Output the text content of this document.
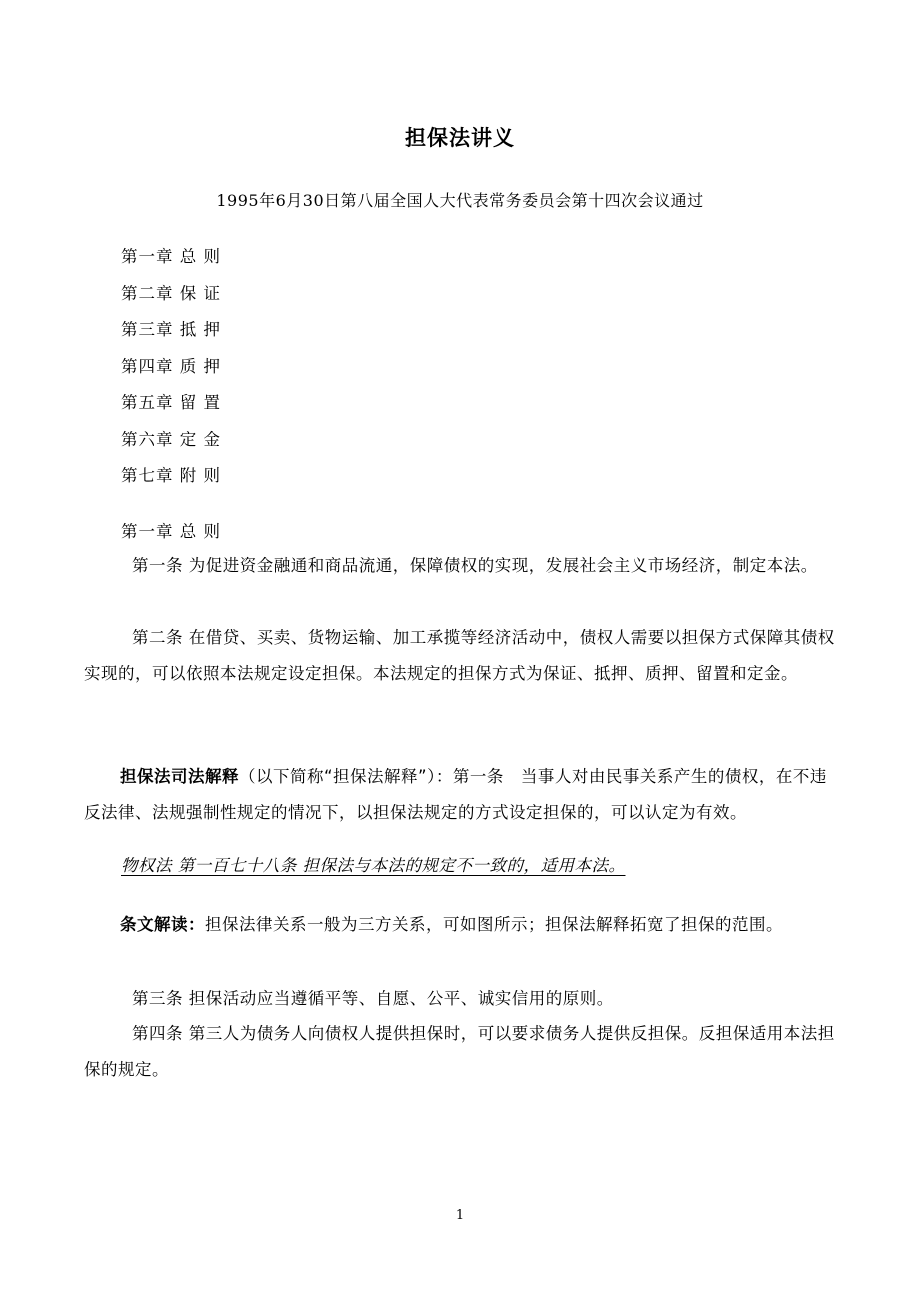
担保法讲义
1995年6月30日第八届全国人大代表常务委员会第十四次会议通过
第一章 总 则
第二章 保 证
第三章 抵 押
第四章 质 押
第五章 留 置
第六章 定 金
第七章 附 则
第一章 总 则
第一条 为促进资金融通和商品流通，保障债权的实现，发展社会主义市场经济，制定本法。
第二条 在借贷、买卖、货物运输、加工承揽等经济活动中，债权人需要以担保方式保障其债权实现的，可以依照本法规定设定担保。本法规定的担保方式为保证、抵押、质押、留置和定金。
担保法司法解释（以下简称“担保法解释”）：第一条　当事人对由民事关系产生的债权，在不违反法律、法规强制性规定的情况下，以担保法规定的方式设定担保的，可以认定为有效。
物权法 第一百七十八条 担保法与本法的规定不一致的，适用本法。
条文解读：担保法律关系一般为三方关系，可如图所示；担保法解释拓宽了担保的范围。
第三条 担保活动应当遵循平等、自愿、公平、诚实信用的原则。
第四条 第三人为债务人向债权人提供担保时，可以要求债务人提供反担保。反担保适用本法担保的规定。
1
